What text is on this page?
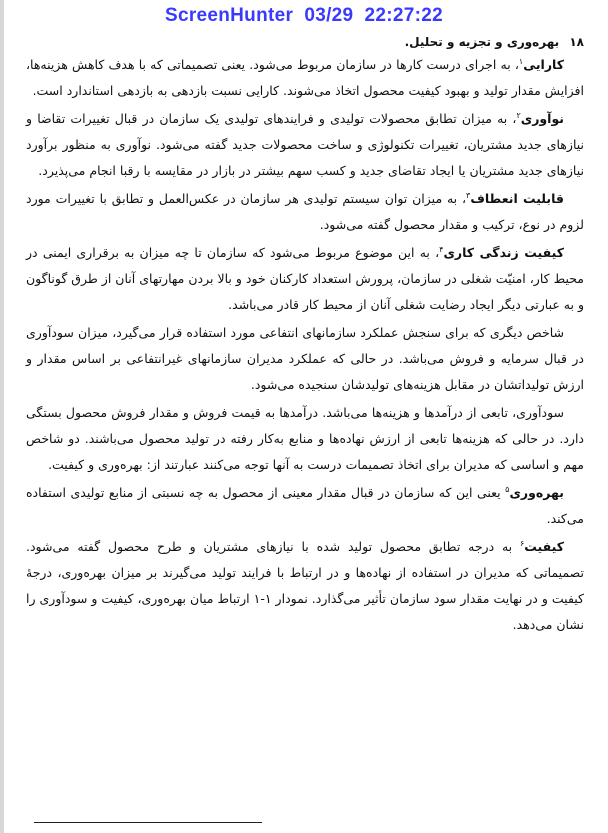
ScreenHunter  03/29  22:27:22
۱۸ بهره‌وری و تجزیه و تحلیل.

کارایی$^۱$، به اجرای درست کارها در سازمان مربوط می‌شود. یعنی تصمیماتی که با هدف کاهش هزینه‌ها، افزایش مقدار تولید و بهبود کیفیت محصول اتخاذ می‌شوند. کارایی نسبت بازدهی به بازدهی استاندارد است.

نوآوری$^۲$، به میزان تطابق محصولات تولیدی و فرایندهای تولیدی یک سازمان در قبال تغییرات تقاضا و نیازهای جدید مشتریان، تغییرات تکنولوژی و ساخت محصولات جدید گفته می‌شود. نوآوری به منظور برآورد نیازهای جدید مشتریان یا ایجاد تقاضای جدید و کسب سهم بیشتر در بازار در مقایسه با رقبا انجام می‌پذیرد.

قابلیت انعطاف$^۳$، به میزان توان سیستم تولیدی هر سازمان در عکس‌العمل و تطابق با تغییرات مورد لزوم در نوع، ترکیب و مقدار محصول گفته می‌شود.

کیفیت زندگی کاری$^۴$، به این موضوع مربوط می‌شود که سازمان تا چه میزان به برقراری ایمنی در محیط کار، امنیّت شغلی در سازمان، پرورش استعداد کارکنان خود و بالا بردن مهارتهای آنان از طرق گوناگون و به عبارتی دیگر ایجاد رضایت شغلی آنان از محیط کار قادر می‌باشد.

شاخص دیگری که برای سنجش عملکرد سازمانهای انتفاعی مورد استفاده قرار می‌گیرد، میزان سودآوری در قبال سرمایه و فروش می‌باشد. در حالی که عملکرد مدیران سازمانهای غیرانتفاعی بر اساس مقدار و ارزش تولیداتشان در مقابل هزینه‌های تولیدشان سنجیده می‌شود.

سودآوری، تابعی از درآمدها و هزینه‌ها می‌باشد. درآمدها به قیمت فروش و مقدار فروش محصول بستگی دارد. در حالی که هزینه‌ها تابعی از ارزش نهاده‌ها و منابع به‌کار رفته در تولید محصول می‌باشند. دو شاخص مهم و اساسی که مدیران برای اتخاذ تصمیمات درست به آنها توجه می‌کنند عبارتند از: بهره‌وری و کیفیت.

بهره‌وری$^۵$ یعنی این که سازمان در قبال مقدار معینی از محصول به چه نسبتی از منابع تولیدی استفاده می‌کند.

کیفیت$^۶$ به درجه تطابق محصول تولید شده با نیازهای مشتریان و طرح محصول گفته می‌شود. تصمیماتی که مدیران در استفاده از نهاده‌ها و در ارتباط با فرایند تولید می‌گیرند بر میزان بهره‌وری، درجهٔ کیفیت و در نهایت مقدار سود سازمان تأثیر می‌گذارد. نمودار ۱-۱ ارتباط میان بهره‌وری، کیفیت و سودآوری را نشان می‌دهد.
